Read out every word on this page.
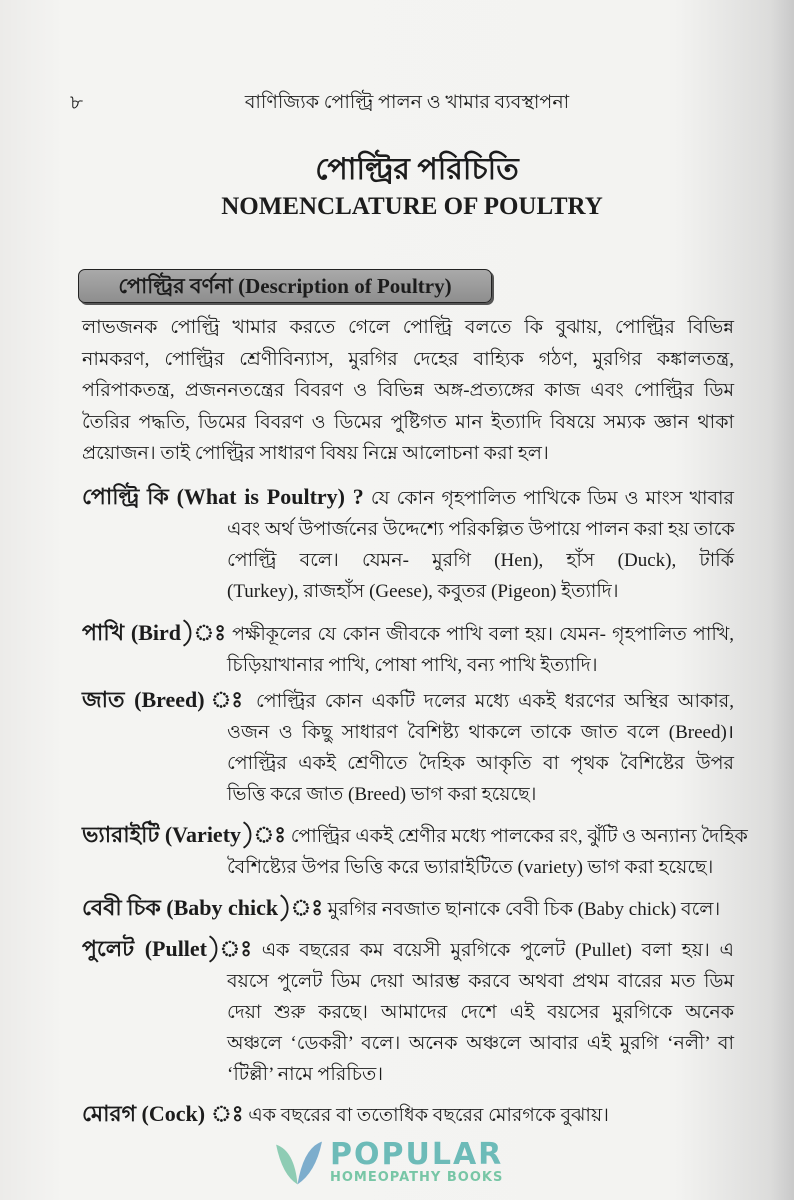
৮	বাণিজ্যিক পোল্ট্রি পালন ও খামার ব্যবস্থাপনা
পোল্ট্রির পরিচিতি
NOMENCLATURE OF POULTRY
পোল্ট্রির বর্ণনা (Description of Poultry)
লাভজনক পোল্ট্রি খামার করতে গেলে পোল্ট্রি বলতে কি বুঝায়, পোল্ট্রির বিভিন্ন
নামকরণ, পোল্ট্রির শ্রেণীবিন্যাস, মুরগির দেহের বাহ্যিক গঠণ, মুরগির কঙ্কালতন্ত্র,
পরিপাকতন্ত্র, প্রজননতন্ত্রের বিবরণ ও বিভিন্ন অঙ্গ-প্রত্যঙ্গের কাজ এবং পোল্ট্রির ডিম
তৈরির পদ্ধতি, ডিমের বিবরণ ও ডিমের পুষ্টিগত মান ইত্যাদি বিষয়ে সম্যক জ্ঞান থাকা
প্রয়োজন। তাই পোল্ট্রির সাধারণ বিষয় নিম্নে আলোচনা করা হল।
পোল্ট্রি কি (What is Poultry) ? যে কোন গৃহপালিত পাখিকে ডিম ও মাংস খাবার
এবং অর্থ উপার্জনের উদ্দেশ্যে পরিকল্পিত উপায়ে পালন করা হয় তাকে
পোল্ট্রি বলে। যেমন- মুরগি (Hen), হাঁস (Duck), টার্কি
(Turkey), রাজহাঁস (Geese), কবুতর (Pigeon) ইত্যাদি।
পাখি (Bird)ঃ পক্ষীকূলের যে কোন জীবকে পাখি বলা হয়। যেমন- গৃহপালিত পাখি,
চিড়িয়াখানার পাখি, পোষা পাখি, বন্য পাখি ইত্যাদি।
জাত (Breed) ঃ পোল্ট্রির কোন একটি দলের মধ্যে একই ধরণের অস্থির আকার,
ওজন ও কিছু সাধারণ বৈশিষ্ট্য থাকলে তাকে জাত বলে (Breed)।
পোল্ট্রির একই শ্রেণীতে দৈহিক আকৃতি বা পৃথক বৈশিষ্টের উপর
ভিত্তি করে জাত (Breed) ভাগ করা হয়েছে।
ভ্যারাইটি (Variety)ঃ পোল্ট্রির একই শ্রেণীর মধ্যে পালকের রং, ঝুঁটি ও অন্যান্য দৈহিক
বৈশিষ্ট্যের উপর ভিত্তি করে ভ্যারাইটিতে (variety) ভাগ করা হয়েছে।
বেবী চিক (Baby chick)ঃ মুরগির নবজাত ছানাকে বেবী চিক (Baby chick) বলে।
পুলেট (Pullet)ঃ এক বছরের কম বয়েসী মুরগিকে পুলেট (Pullet) বলা হয়। এ
বয়সে পুলেট ডিম দেয়া আরম্ভ করবে অথবা প্রথম বারের মত ডিম
দেয়া শুরু করছে। আমাদের দেশে এই বয়সের মুরগিকে অনেক
অঞ্চলে ‘ডেকরী’ বলে। অনেক অঞ্চলে আবার এই মুরগি ‘নলী’ বা
‘টিল্লী’ নামে পরিচিত।
মোরগ (Cock) ঃ এক বছরের বা ততোধিক বছরের মোরগকে বুঝায়।
POPULAR
HOMEOPATHY BOOKS
